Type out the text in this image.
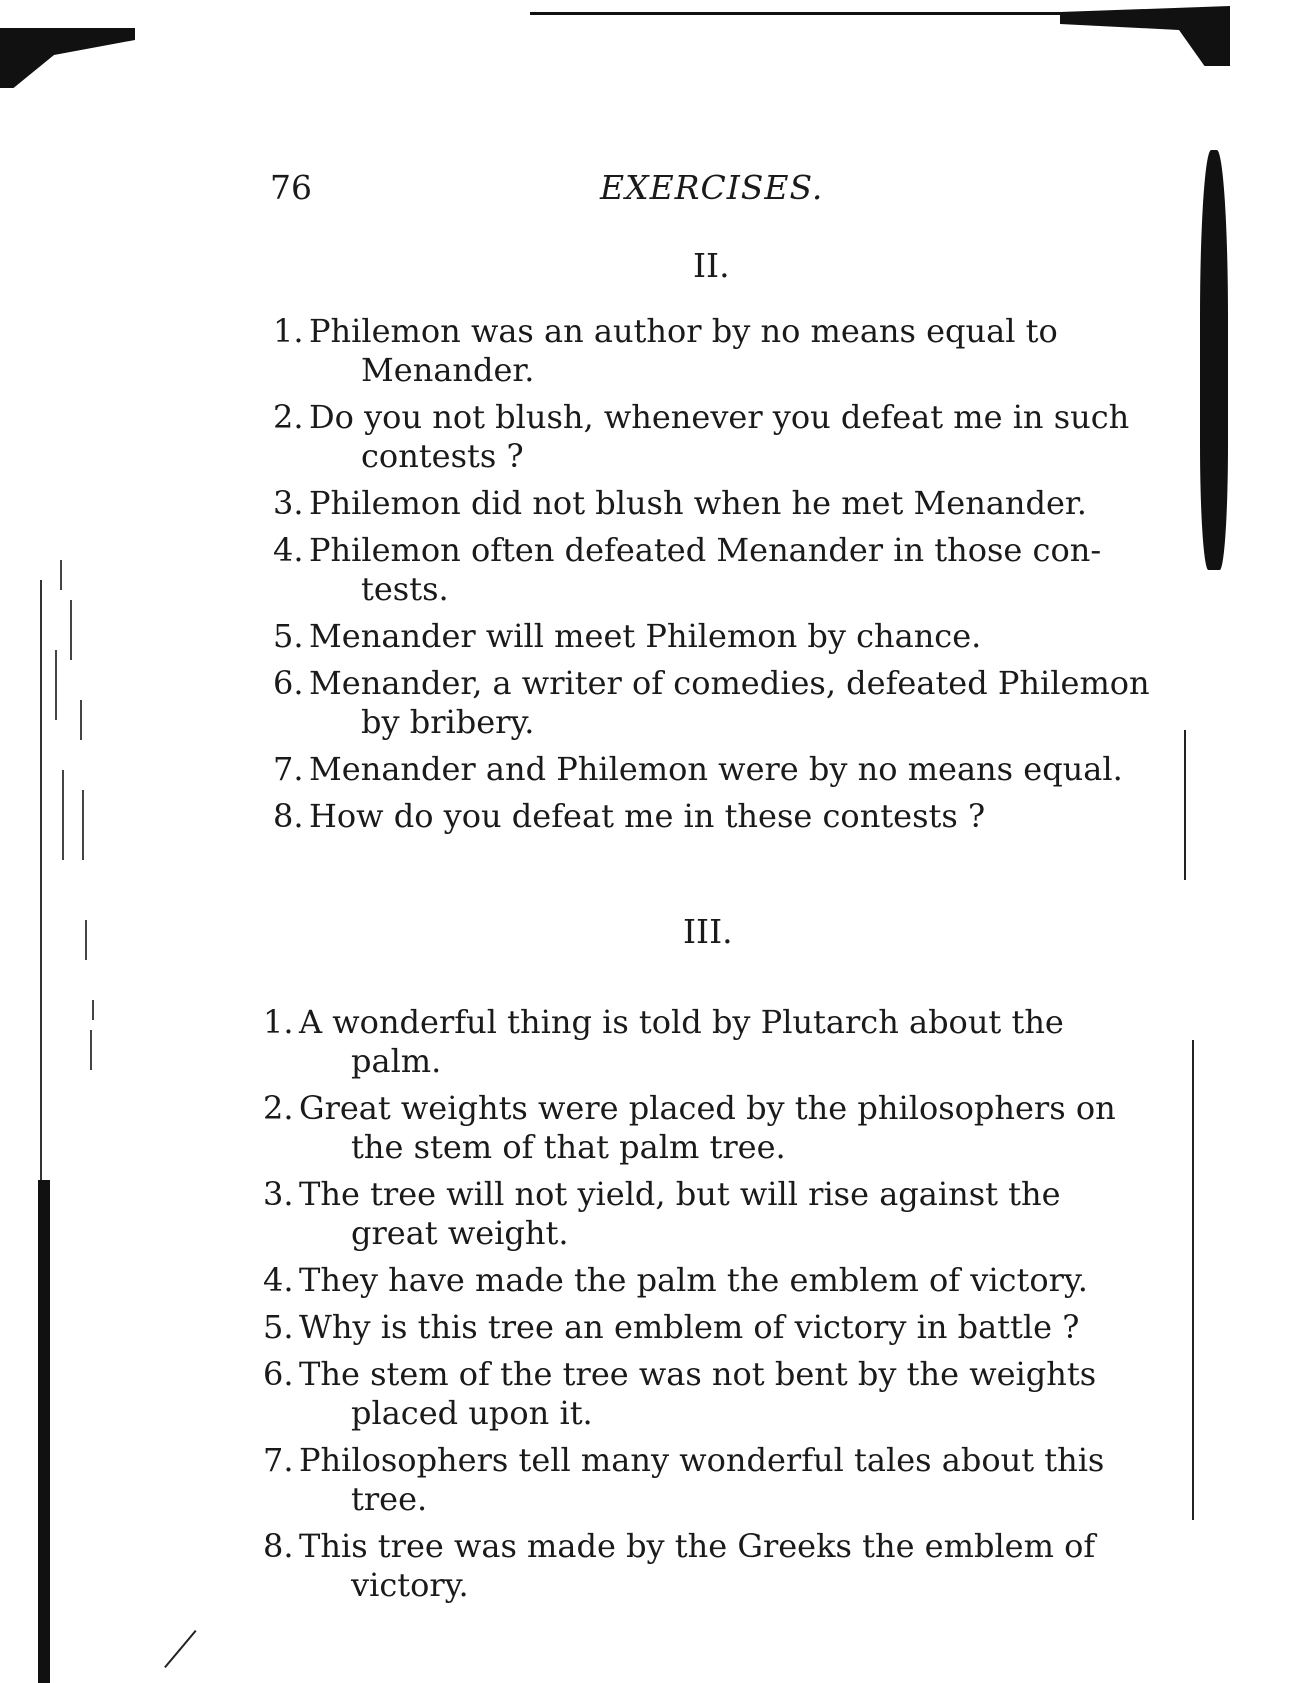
76	EXERCISES.
II.
1. Philemon was an author by no means equal to
Menander.
2. Do you not blush, whenever you defeat me in such
contests ?
3. Philemon did not blush when he met Menander.
4. Philemon often defeated Menander in those con-
tests.
5. Menander will meet Philemon by chance.
6. Menander, a writer of comedies, defeated Philemon
by bribery.
7. Menander and Philemon were by no means equal.
8. How do you defeat me in these contests ?
III.
1. A wonderful thing is told by Plutarch about the
palm.
2. Great weights were placed by the philosophers on
the stem of that palm tree.
3. The tree will not yield, but will rise against the
great weight.
4. They have made the palm the emblem of victory.
5. Why is this tree an emblem of victory in battle ?
6. The stem of the tree was not bent by the weights
placed upon it.
7. Philosophers tell many wonderful tales about this
tree.
8. This tree was made by the Greeks the emblem of
victory.
